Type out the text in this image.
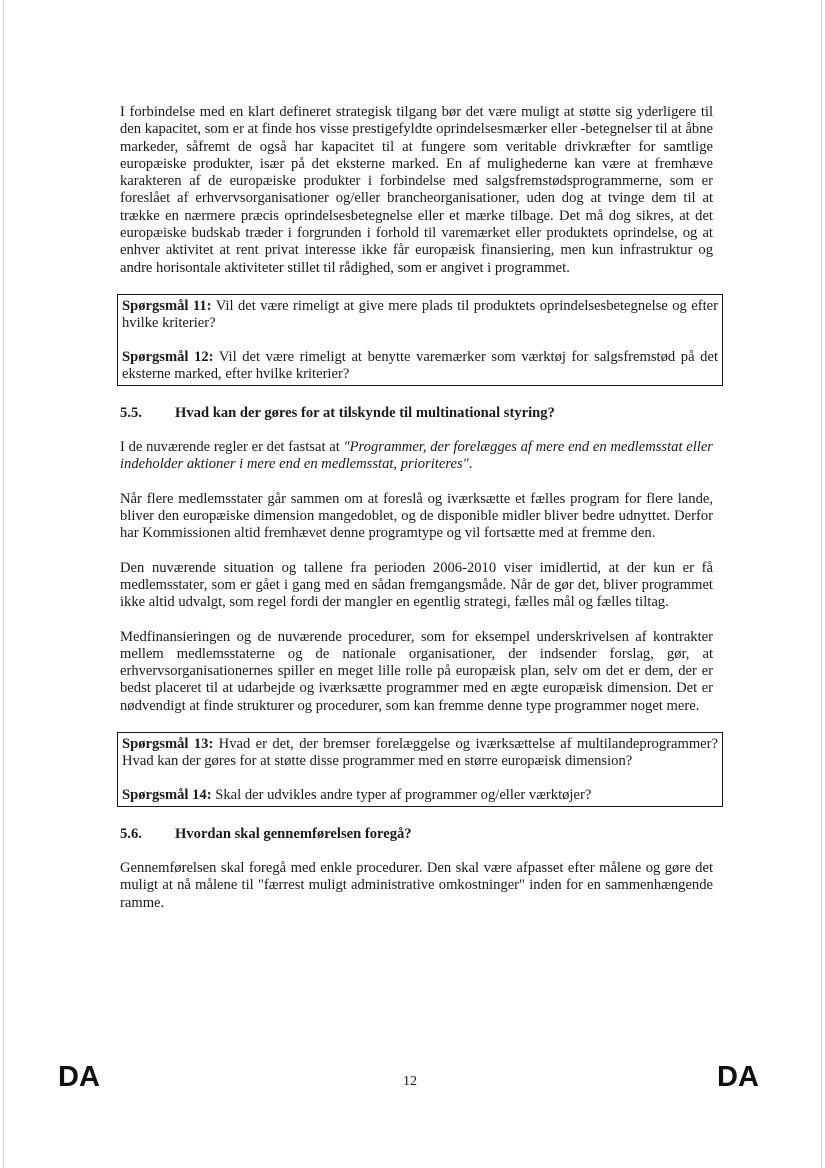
I forbindelse med en klart defineret strategisk tilgang bør det være muligt at støtte sig yderligere til den kapacitet, som er at finde hos visse prestigefyldte oprindelsesmærker eller -betegnelser til at åbne markeder, såfremt de også har kapacitet til at fungere som veritable drivkræfter for samtlige europæiske produkter, især på det eksterne marked. En af mulighederne kan være at fremhæve karakteren af de europæiske produkter i forbindelse med salgsfremstødsprogrammerne, som er foreslået af erhvervsorganisationer og/eller brancheorganisationer, uden dog at tvinge dem til at trække en nærmere præcis oprindelsesbetegnelse eller et mærke tilbage. Det må dog sikres, at det europæiske budskab træder i forgrunden i forhold til varemærket eller produktets oprindelse, og at enhver aktivitet at rent privat interesse ikke får europæisk finansiering, men kun infrastruktur og andre horisontale aktiviteter stillet til rådighed, som er angivet i programmet.

Spørgsmål 11: Vil det være rimeligt at give mere plads til produktets oprindelsesbetegnelse og efter hvilke kriterier?

Spørgsmål 12: Vil det være rimeligt at benytte varemærker som værktøj for salgsfremstød på det eksterne marked, efter hvilke kriterier?

5.5.	Hvad kan der gøres for at tilskynde til multinational styring?

I de nuværende regler er det fastsat at "Programmer, der forelægges af mere end en medlemsstat eller indeholder aktioner i mere end en medlemsstat, prioriteres".

Når flere medlemsstater går sammen om at foreslå og iværksætte et fælles program for flere lande, bliver den europæiske dimension mangedoblet, og de disponible midler bliver bedre udnyttet. Derfor har Kommissionen altid fremhævet denne programtype og vil fortsætte med at fremme den.

Den nuværende situation og tallene fra perioden 2006-2010 viser imidlertid, at der kun er få medlemsstater, som er gået i gang med en sådan fremgangsmåde. Når de gør det, bliver programmet ikke altid udvalgt, som regel fordi der mangler en egentlig strategi, fælles mål og fælles tiltag.

Medfinansieringen og de nuværende procedurer, som for eksempel underskrivelsen af kontrakter mellem medlemsstaterne og de nationale organisationer, der indsender forslag, gør, at erhvervsorganisationernes spiller en meget lille rolle på europæisk plan, selv om det er dem, der er bedst placeret til at udarbejde og iværksætte programmer med en ægte europæisk dimension. Det er nødvendigt at finde strukturer og procedurer, som kan fremme denne type programmer noget mere.

Spørgsmål 13: Hvad er det, der bremser forelæggelse og iværksættelse af multilandeprogrammer? Hvad kan der gøres for at støtte disse programmer med en større europæisk dimension?

Spørgsmål 14: Skal der udvikles andre typer af programmer og/eller værktøjer?

5.6.	Hvordan skal gennemførelsen foregå?

Gennemførelsen skal foregå med enkle procedurer. Den skal være afpasset efter målene og gøre det muligt at nå målene til "færrest muligt administrative omkostninger" inden for en sammenhængende ramme.

DA	12	DA
